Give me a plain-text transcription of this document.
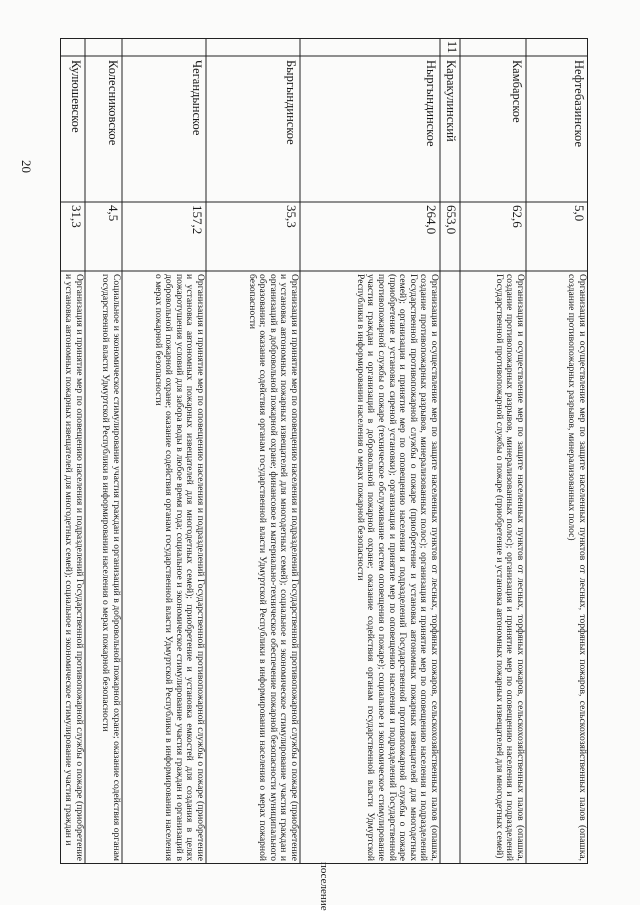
20
поселение
Нефтебазинское
5,0
Организация и осуществление мер по защите населенных пунктов от лесных, торфяных пожаров, сельскохозяйственных палов (опашка, создание противопожарных разрывов, минерализованных полос)
Камбарское
62,6
Организация и осуществление мер по защите населенных пунктов от лесных, торфяных пожаров, сельскохозяйственных палов (опашка, создание противопожарных разрывов, минерализованных полос); организация и принятие мер по оповещению населения и подразделений Государственной противопожарной службы о пожаре (приобретение и установка автономных пожарных извещателей для многодетных семей)
11
Каракулинский
653,0
Ныргындинское
264,0
Организация и осуществление мер по защите населенных пунктов от лесных, торфяных пожаров, сельскохозяйственных палов (опашка, создание противопожарных разрывов, минерализованных полос); организация и принятие мер по оповещению населения и подразделений Государственной противопожарной службы о пожаре (приобретение и установка автономных пожарных извещателей для многодетных семей); организация и принятие мер по оповещению населения и подразделений Государственной противопожарной службы о пожаре (приобретение и установка сиреной установки); организация и принятие мер по оповещению населения и подразделений Государственной противопожарной службы о пожаре (техническое обслуживание систем оповещения о пожаре); социальное и экономическое стимулирование участия граждан и организаций в добровольной пожарной охране; оказание содействия органам государственной власти Удмуртской Республики в информировании населения о мерах пожарной безопасности
Быргындинское
35,3
Организация и принятие мер по оповещению населения и подразделений Государственной противопожарной службы о пожаре (приобретение и установка автономных пожарных извещателей для многодетных семей); социальное и экономическое стимулирование участия граждан и организаций в добровольной пожарной охране; финансовое и материально-техническое обеспечение пожарной безопасности муниципального образования; оказание содействия органам государственной власти Удмуртской Республики в информировании населения о мерах пожарной безопасности
Чегандынское
157,2
Организация и принятие мер по оповещению населения и подразделений Государственной противопожарной службы о пожаре (приобретение и установка автономных пожарных извещателей для многодетных семей); приобретение и установка емкостей для создания в целях пожаротушения условий для забора воды в любое время года; социальное и экономическое стимулирование участия граждан и организаций в добровольной пожарной охране; оказание содействия органам государственной власти Удмуртской Республики в информировании населения о мерах пожарной безопасности
Колесниковское
4,5
Социальное и экономическое стимулирование участия граждан и организаций в добровольной пожарной охране; оказание содействия органам государственной власти Удмуртской Республики в информировании населения о мерах пожарной безопасности
Кулюшевское
31,3
Организация и принятие мер по оповещению населения и подразделений Государственной противопожарной службы о пожаре (приобретение и установка автономных пожарных извещателей для многодетных семей); социальное и экономическое стимулирование участия граждан и
